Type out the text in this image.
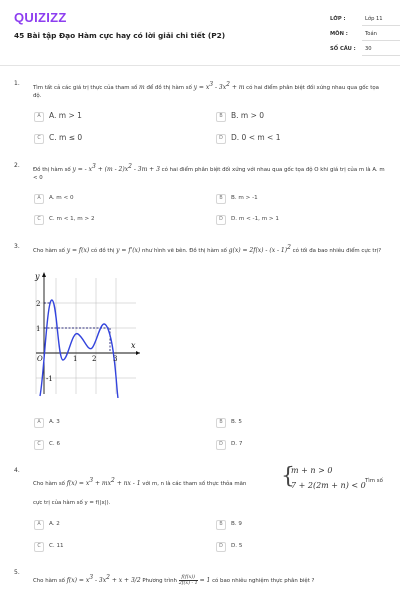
QUIZIZZ
45 Bài tập Đạo Hàm cực hay có lời giải chi tiết (P2)
LỚP :	Lớp 11
MÔN :	Toán
SỐ CÂU :	30
1.
Tìm tất cả các giá trị thực của tham số m để đồ thị hàm số $y = x^3 - 3x^2 + m$ có hai điểm phân biệt đối xứng nhau qua gốc tọa độ.
A	A. m > 1	B	B. m > 0
C	C. m ≤ 0	D	D. 0 < m < 1
2.
Đồ thị hàm số y = - $x^3 + (m - 2)x^2 - 3m + 3$ có hai điểm phân biệt đối xứng với nhau qua gốc tọa độ O khi giá trị của m là A. m < 0
A	A. m < 0	B	B. m > -1
C	C. m < 1, m > 2	D	D. m < -1, m > 1
3.
Cho hàm số y = f(x) có đồ thị y = f'(x) như hình vẽ bên. Đồ thị hàm số g(x) = 2f(x) - (x - 1)$^2$ có tối đa bao nhiêu điểm cực trị?
y
x
O	1 2 3
2
1
-1
A	A. 3	B	B. 5
C	C. 6	D	D. 7
4.
Cho hàm số $f(x) = x^3 + mx^2$ + nx - 1 với m, n là các tham số thực thỏa mãn	Tìm số
cực trị của hàm số y = f(|x|).
{
m + n > 0
7 + 2(2m + n) < 0
A	A. 2	B	B. 9
C	C. 11	D	D. 5
5.
Cho hàm số $f(x) = x^3 - 3x^2 + x + 3/2$ Phương trình $\frac{f(f(x))}{2f(x) - 1} = 1$ có bao nhiêu nghiệm thực phân biệt ?
